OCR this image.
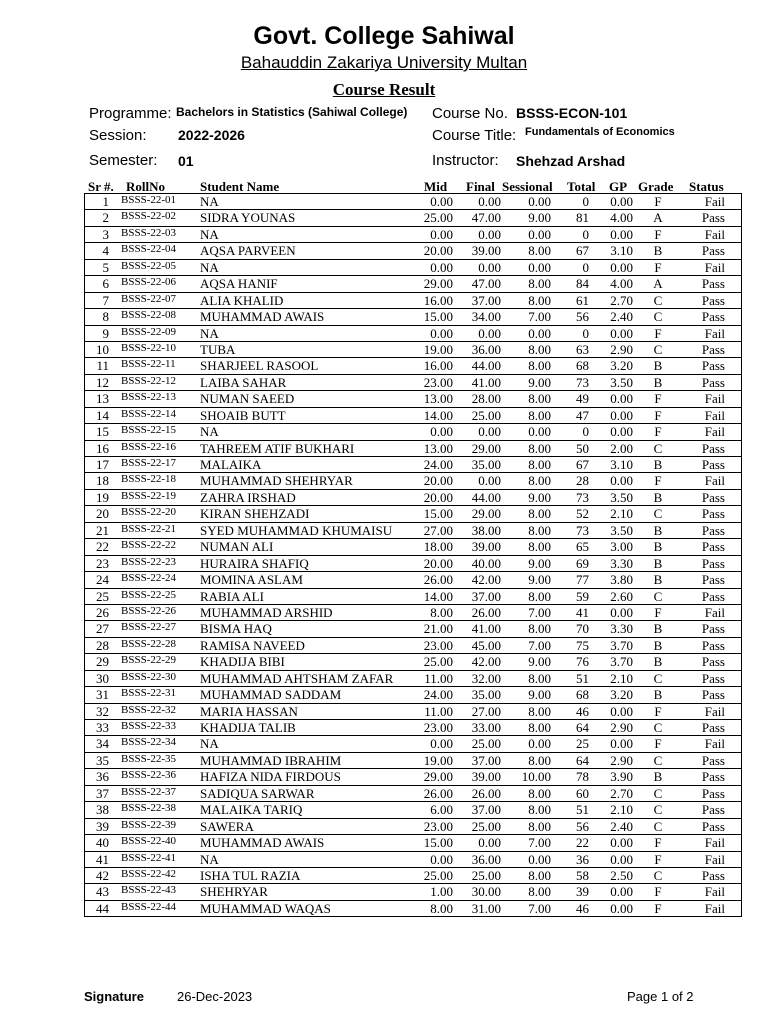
Govt. College Sahiwal
Bahauddin Zakariya University Multan
Course Result
Programme: Bachelors in Statistics (Sahiwal College)
Session: 2022-2026
Semester: 01
Course No. BSSS-ECON-101
Course Title: Fundamentals of Economics
Instructor: Shehzad Arshad
Sr #. RollNo	Student Name	Mid Final Sessional Total GP Grade Status
1 BSSS-22-01 NA	0.00	0.00	0.00	0	0.00	F	Fail
2 BSSS-22-02 SIDRA YOUNAS	25.00	47.00	9.00 81	4.00	A	Pass
3 BSSS-22-03 NA	0.00	0.00	0.00	0	0.00	F	Fail
4 BSSS-22-04 AQSA PARVEEN	20.00	39.00	8.00 67	3.10	B	Pass
5 BSSS-22-05 NA	0.00	0.00	0.00	0	0.00	F	Fail
6 BSSS-22-06 AQSA HANIF	29.00	47.00	8.00 84	4.00	A	Pass
7 BSSS-22-07 ALIA KHALID	16.00	37.00	8.00 61	2.70	C	Pass
8 BSSS-22-08 MUHAMMAD AWAIS	15.00	34.00	7.00 56	2.40	C	Pass
9 BSSS-22-09 NA	0.00	0.00	0.00	0	0.00	F	Fail
10 BSSS-22-10 TUBA	19.00	36.00	8.00 63	2.90	C	Pass
11 BSSS-22-11 SHARJEEL RASOOL	16.00	44.00	8.00 68	3.20	B	Pass
12 BSSS-22-12 LAIBA SAHAR	23.00	41.00	9.00 73	3.50	B	Pass
13 BSSS-22-13 NUMAN SAEED	13.00	28.00	8.00 49	0.00	F	Fail
14 BSSS-22-14 SHOAIB BUTT	14.00	25.00	8.00 47	0.00	F	Fail
15 BSSS-22-15 NA	0.00	0.00	0.00	0	0.00	F	Fail
16 BSSS-22-16 TAHREEM ATIF BUKHARI	13.00	29.00	8.00 50	2.00	C	Pass
17 BSSS-22-17 MALAIKA	24.00	35.00	8.00 67	3.10	B	Pass
18 BSSS-22-18 MUHAMMAD SHEHRYAR	20.00	0.00	8.00 28	0.00	F	Fail
19 BSSS-22-19 ZAHRA IRSHAD	20.00	44.00	9.00 73	3.50	B	Pass
20 BSSS-22-20 KIRAN SHEHZADI	15.00	29.00	8.00 52	2.10	C	Pass
21 BSSS-22-21 SYED MUHAMMAD KHUMAISU	27.00	38.00	8.00 73	3.50	B	Pass
22 BSSS-22-22 NUMAN ALI	18.00	39.00	8.00 65	3.00	B	Pass
23 BSSS-22-23 HURAIRA SHAFIQ	20.00	40.00	9.00 69	3.30	B	Pass
24 BSSS-22-24 MOMINA ASLAM	26.00	42.00	9.00 77	3.80	B	Pass
25 BSSS-22-25 RABIA ALI	14.00	37.00	8.00 59	2.60	C	Pass
26 BSSS-22-26 MUHAMMAD ARSHID	8.00	26.00	7.00 41	0.00	F	Fail
27 BSSS-22-27 BISMA HAQ	21.00	41.00	8.00 70	3.30	B	Pass
28 BSSS-22-28 RAMISA NAVEED	23.00	45.00	7.00 75	3.70	B	Pass
29 BSSS-22-29 KHADIJA BIBI	25.00	42.00	9.00 76	3.70	B	Pass
30 BSSS-22-30 MUHAMMAD AHTSHAM ZAFAR	11.00	32.00	8.00 51	2.10	C	Pass
31 BSSS-22-31 MUHAMMAD SADDAM	24.00	35.00	9.00 68	3.20	B	Pass
32 BSSS-22-32 MARIA HASSAN	11.00	27.00	8.00 46	0.00	F	Fail
33 BSSS-22-33 KHADIJA TALIB	23.00	33.00	8.00 64	2.90	C	Pass
34 BSSS-22-34 NA	0.00	25.00	0.00 25	0.00	F	Fail
35 BSSS-22-35 MUHAMMAD IBRAHIM	19.00	37.00	8.00 64	2.90	C	Pass
36 BSSS-22-36 HAFIZA NIDA FIRDOUS	29.00	39.00	10.00 78	3.90	B	Pass
37 BSSS-22-37 SADIQUA SARWAR	26.00	26.00	8.00 60	2.70	C	Pass
38 BSSS-22-38 MALAIKA TARIQ	6.00	37.00	8.00 51	2.10	C	Pass
39 BSSS-22-39 SAWERA	23.00	25.00	8.00 56	2.40	C	Pass
40 BSSS-22-40 MUHAMMAD AWAIS	15.00	0.00	7.00 22	0.00	F	Fail
41 BSSS-22-41 NA	0.00	36.00	0.00 36	0.00	F	Fail
42 BSSS-22-42 ISHA TUL RAZIA	25.00	25.00	8.00 58	2.50	C	Pass
43 BSSS-22-43 SHEHRYAR	1.00	30.00	8.00 39	0.00	F	Fail
44 BSSS-22-44 MUHAMMAD WAQAS	8.00	31.00	7.00 46	0.00	F	Fail
Signature	26-Dec-2023	Page 1 of 2
